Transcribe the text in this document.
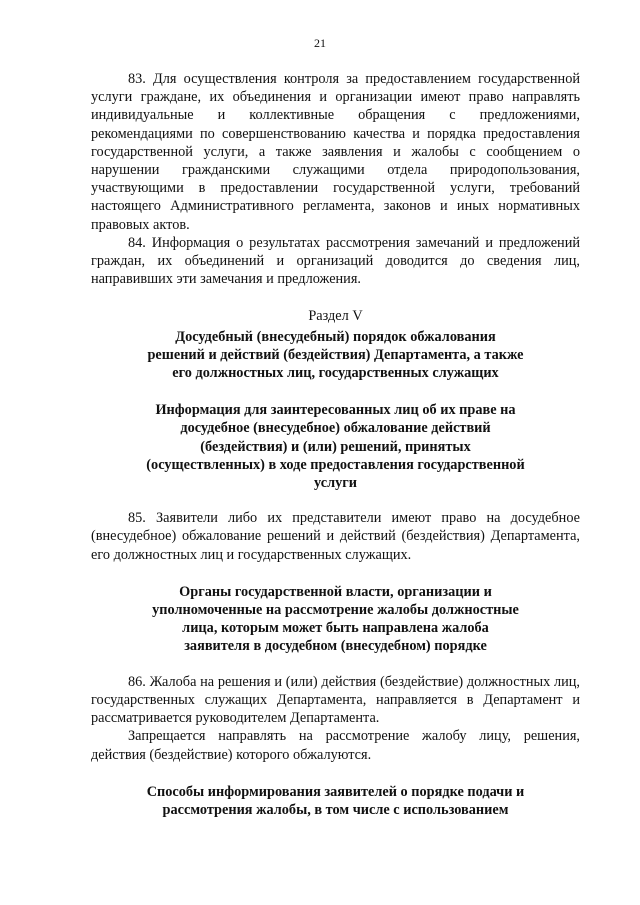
21

83. Для осуществления контроля за предоставлением государственной услуги граждане, их объединения и организации имеют право направлять индивидуальные и коллективные обращения с предложениями, рекомендациями по совершенствованию качества и порядка предоставления государственной услуги, а также заявления и жалобы с сообщением о нарушении гражданскими служащими отдела природопользования, участвующими в предоставлении государственной услуги, требований настоящего Административного регламента, законов и иных нормативных правовых актов.

84. Информация о результатах рассмотрения замечаний и предложений граждан, их объединений и организаций доводится до сведения лиц, направивших эти замечания и предложения.

Раздел V

Досудебный (внесудебный) порядок обжалования решений и действий (бездействия) Департамента, а также его должностных лиц, государственных служащих

Информация для заинтересованных лиц об их праве на досудебное (внесудебное) обжалование действий (бездействия) и (или) решений, принятых (осуществленных) в ходе предоставления государственной услуги

85. Заявители либо их представители имеют право на досудебное (внесудебное) обжалование решений и действий (бездействия) Департамента, его должностных лиц и государственных служащих.

Органы государственной власти, организации и уполномоченные на рассмотрение жалобы должностные лица, которым может быть направлена жалоба заявителя в досудебном (внесудебном) порядке

86. Жалоба на решения и (или) действия (бездействие) должностных лиц, государственных служащих Департамента, направляется в Департамент и рассматривается руководителем Департамента.

Запрещается направлять на рассмотрение жалобу лицу, решения, действия (бездействие) которого обжалуются.

Способы информирования заявителей о порядке подачи и рассмотрения жалобы, в том числе с использованием
